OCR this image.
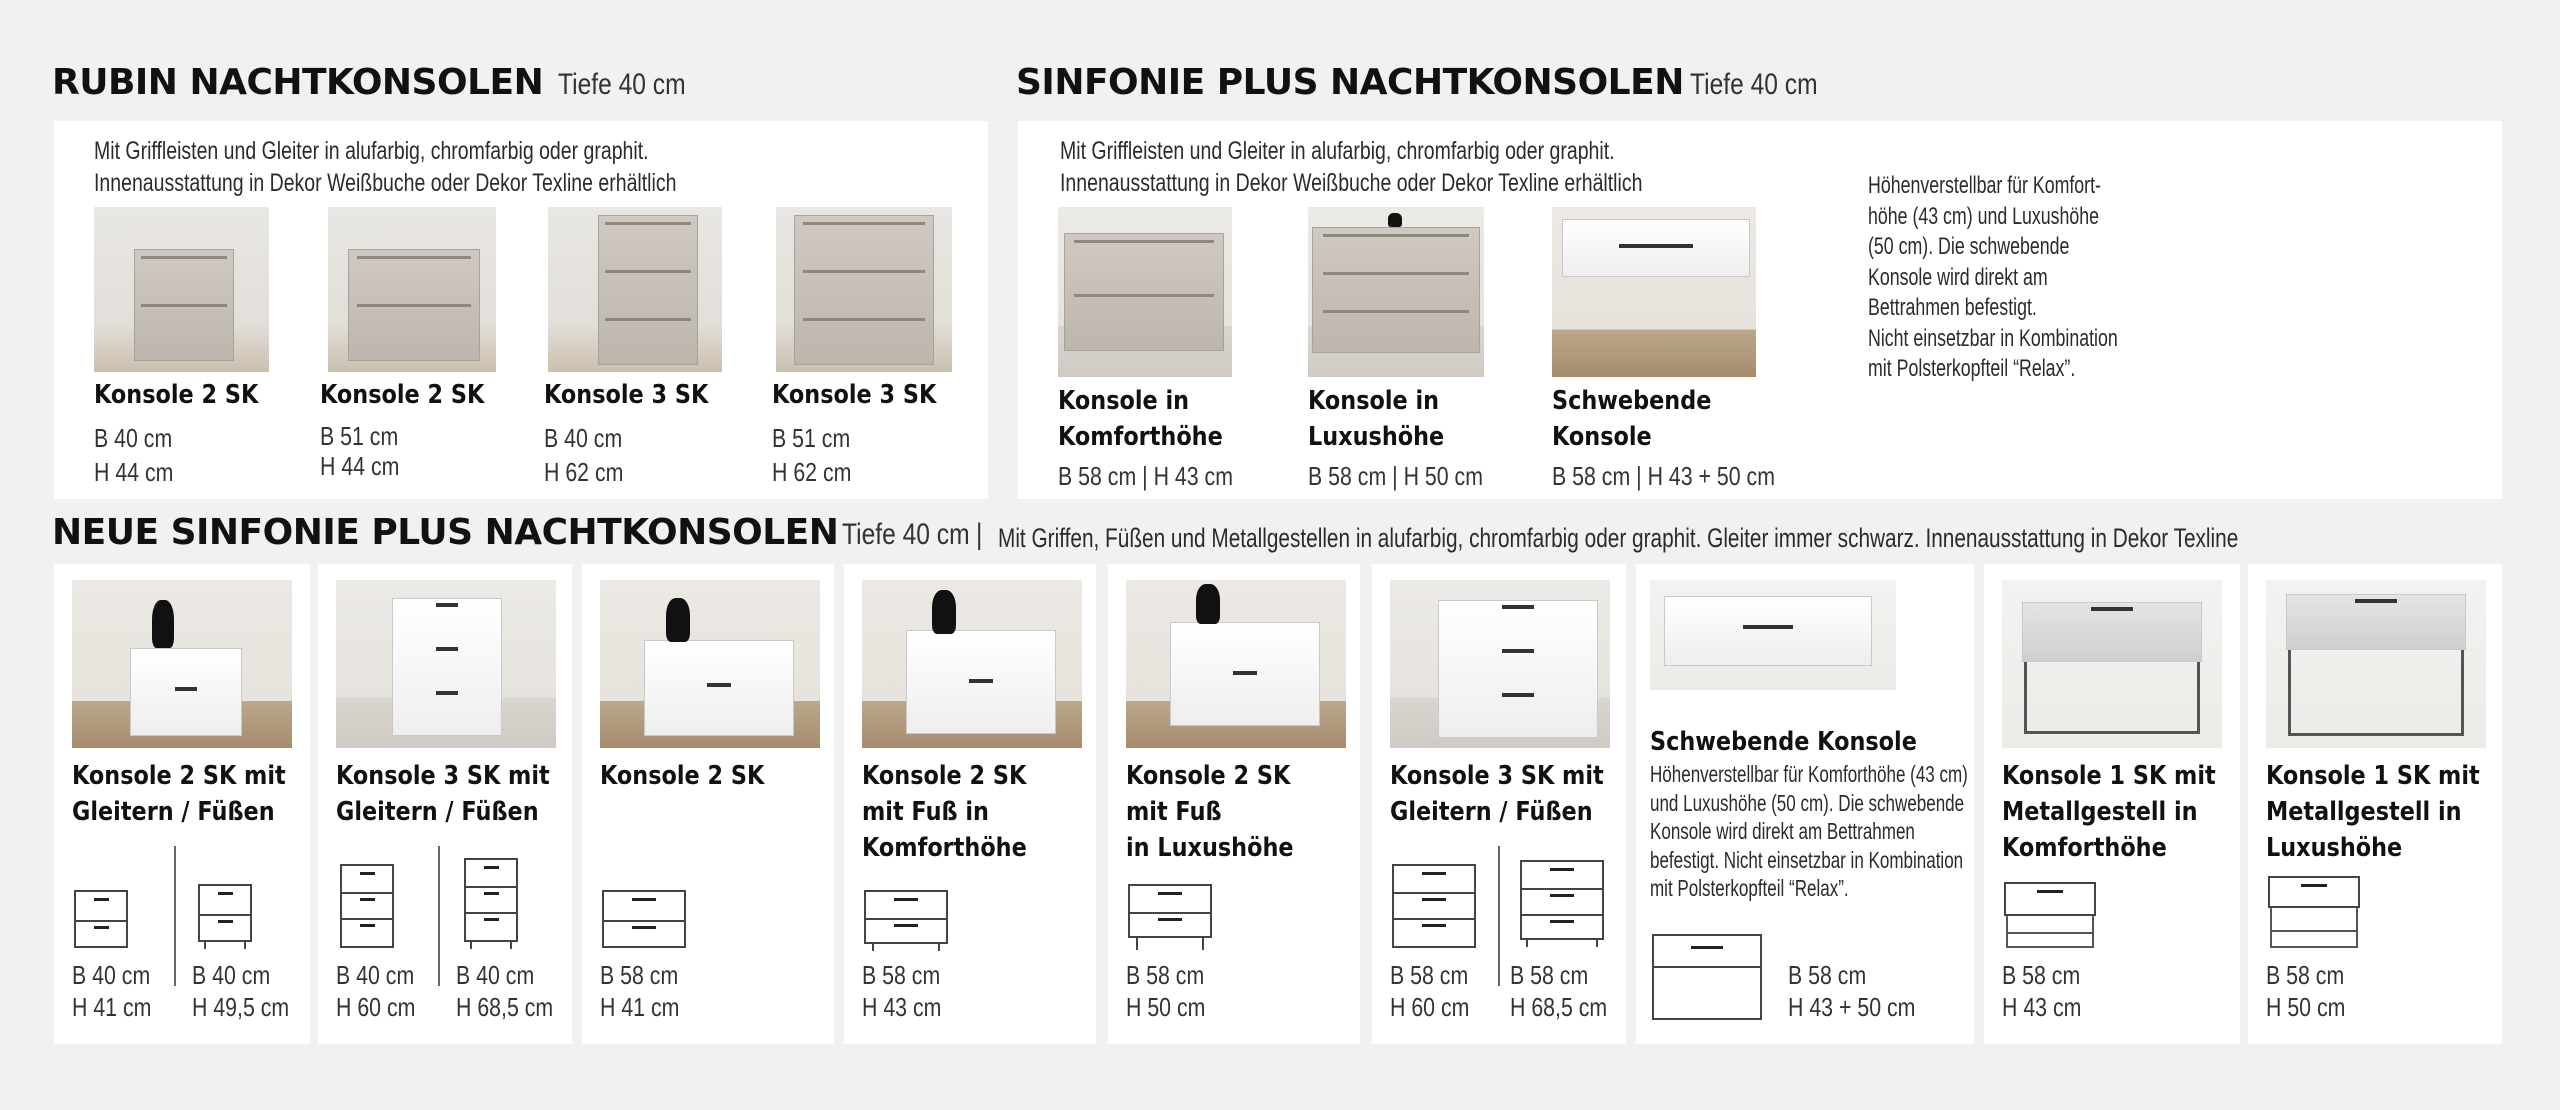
RUBIN NACHTKONSOLEN Tiefe 40 cm
Mit Griffleisten und Gleiter in alufarbig, chromfarbig oder graphit.
Innenausstattung in Dekor Weißbuche oder Dekor Texline erhältlich
Konsole 2 SK
B 40 cm
H 44 cm
Konsole 2 SK
B 51 cm
H 44 cm
Konsole 3 SK
B 40 cm
H 62 cm
Konsole 3 SK
B 51 cm
H 62 cm
SINFONIE PLUS NACHTKONSOLEN Tiefe 40 cm
Mit Griffleisten und Gleiter in alufarbig, chromfarbig oder graphit.
Innenausstattung in Dekor Weißbuche oder Dekor Texline erhältlich
Konsole in
Komforthöhe
B 58 cm | H 43 cm
Konsole in
Luxushöhe
B 58 cm | H 50 cm
Schwebende
Konsole
B 58 cm | H 43 + 50 cm
Höhenverstellbar für Komfort-
höhe (43 cm) und Luxushöhe
(50 cm). Die schwebende
Konsole wird direkt am
Bettrahmen befestigt.
Nicht einsetzbar in Kombination
mit Polsterkopfteil “Relax”.
NEUE SINFONIE PLUS NACHTKONSOLEN Tiefe 40 cm | Mit Griffen, Füßen und Metallgestellen in alufarbig, chromfarbig oder graphit. Gleiter immer schwarz. Innenausstattung in Dekor Texline
Konsole 2 SK mit
Gleitern / Füßen
B 40 cm
H 41 cm
B 40 cm
H 49,5 cm
Konsole 3 SK mit
Gleitern / Füßen
B 40 cm
H 60 cm
B 40 cm
H 68,5 cm
Konsole 2 SK
B 58 cm
H 41 cm
Konsole 2 SK
mit Fuß in
Komforthöhe
B 58 cm
H 43 cm
Konsole 2 SK
mit Fuß
in Luxushöhe
B 58 cm
H 50 cm
Konsole 3 SK mit
Gleitern / Füßen
B 58 cm
H 60 cm
B 58 cm
H 68,5 cm
Schwebende Konsole
Höhenverstellbar für Komforthöhe (43 cm)
und Luxushöhe (50 cm). Die schwebende
Konsole wird direkt am Bettrahmen
befestigt. Nicht einsetzbar in Kombination
mit Polsterkopfteil “Relax”.
B 58 cm
H 43 + 50 cm
Konsole 1 SK mit
Metallgestell in
Komforthöhe
B 58 cm
H 43 cm
Konsole 1 SK mit
Metallgestell in
Luxushöhe
B 58 cm
H 50 cm
